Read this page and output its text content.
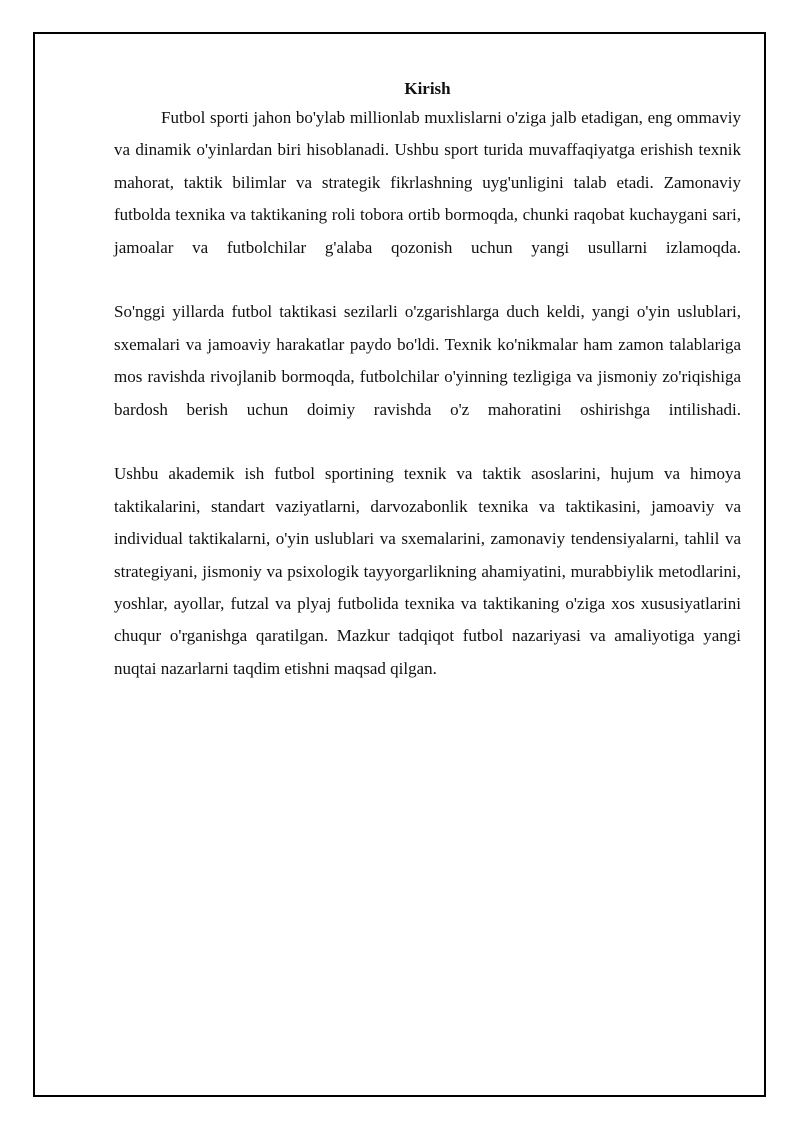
Kirish

Futbol sporti jahon bo'ylab millionlab muxlislarni o'ziga jalb etadigan, eng ommaviy va dinamik o'yinlardan biri hisoblanadi. Ushbu sport turida muvaffaqiyatga erishish texnik mahorat, taktik bilimlar va strategik fikrlashning uyg'unligini talab etadi. Zamonaviy futbolda texnika va taktikaning roli tobora ortib bormoqda, chunki raqobat kuchaygani sari, jamoalar va futbolchilar g'alaba qozonish uchun yangi usullarni izlamoqda.

So'nggi yillarda futbol taktikasi sezilarli o'zgarishlarga duch keldi, yangi o'yin uslublari, sxemalari va jamoaviy harakatlar paydo bo'ldi. Texnik ko'nikmalar ham zamon talablariga mos ravishda rivojlanib bormoqda, futbolchilar o'yinning tezligiga va jismoniy zo'riqishiga bardosh berish uchun doimiy ravishda o'z mahoratini oshirishga intilishadi.

Ushbu akademik ish futbol sportining texnik va taktik asoslarini, hujum va himoya taktikalarini, standart vaziyatlarni, darvozabonlik texnika va taktikasini, jamoaviy va individual taktikalarni, o'yin uslublari va sxemalarini, zamonaviy tendensiyalarni, tahlil va strategiyani, jismoniy va psixologik tayyorgarlikning ahamiyatini, murabbiylik metodlarini, yoshlar, ayollar, futzal va plyaj futbolida texnika va taktikaning o'ziga xos xususiyatlarini chuqur o'rganishga qaratilgan. Mazkur tadqiqot futbol nazariyasi va amaliyotiga yangi nuqtai nazarlarni taqdim etishni maqsad qilgan.
